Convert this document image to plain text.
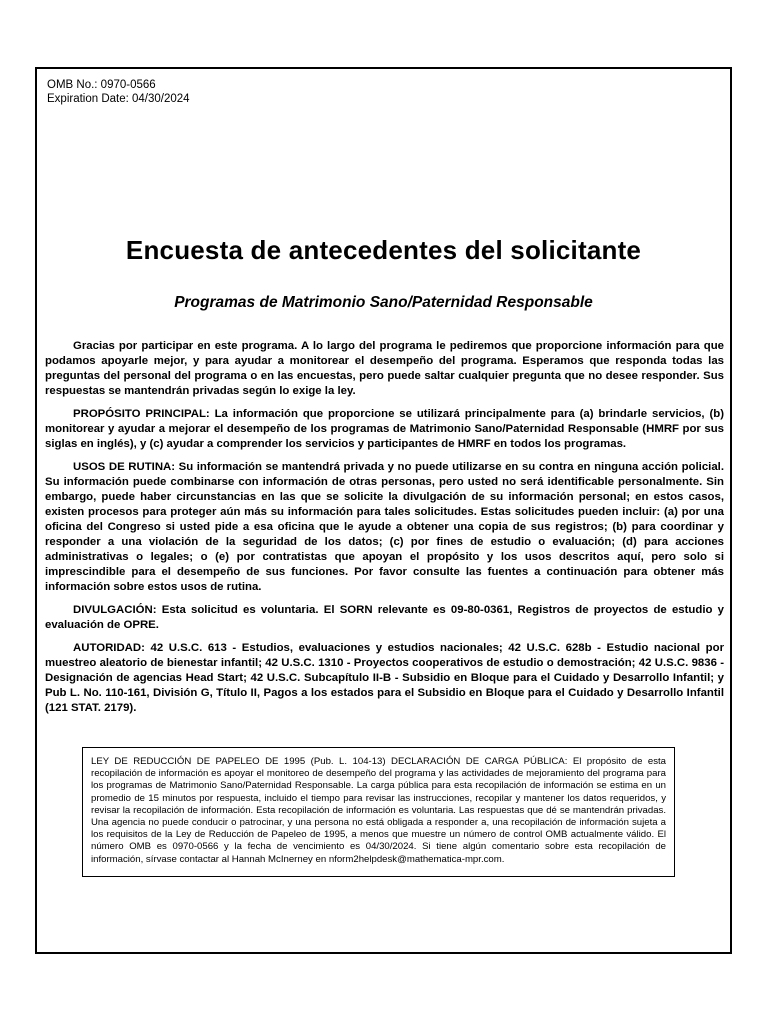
OMB No.: 0970-0566
Expiration Date: 04/30/2024
Encuesta de antecedentes del solicitante
Programas de Matrimonio Sano/Paternidad Responsable

Gracias por participar en este programa. A lo largo del programa le pediremos que proporcione información para que podamos apoyarle mejor, y para ayudar a monitorear el desempeño del programa. Esperamos que responda todas las preguntas del personal del programa o en las encuestas, pero puede saltar cualquier pregunta que no desee responder. Sus respuestas se mantendrán privadas según lo exige la ley.

PROPÓSITO PRINCIPAL: La información que proporcione se utilizará principalmente para (a) brindarle servicios, (b) monitorear y ayudar a mejorar el desempeño de los programas de Matrimonio Sano/Paternidad Responsable (HMRF por sus siglas en inglés), y (c) ayudar a comprender los servicios y participantes de HMRF en todos los programas.

USOS DE RUTINA: Su información se mantendrá privada y no puede utilizarse en su contra en ninguna acción policial. Su información puede combinarse con información de otras personas, pero usted no será identificable personalmente. Sin embargo, puede haber circunstancias en las que se solicite la divulgación de su información personal; en estos casos, existen procesos para proteger aún más su información para tales solicitudes. Estas solicitudes pueden incluir: (a) por una oficina del Congreso si usted pide a esa oficina que le ayude a obtener una copia de sus registros; (b) para coordinar y responder a una violación de la seguridad de los datos; (c) por fines de estudio o evaluación; (d) para acciones administrativas o legales; o (e) por contratistas que apoyan el propósito y los usos descritos aquí, pero solo si imprescindible para el desempeño de sus funciones. Por favor consulte las fuentes a continuación para obtener más información sobre estos usos de rutina.

DIVULGACIÓN: Esta solicitud es voluntaria. El SORN relevante es 09-80-0361, Registros de proyectos de estudio y evaluación de OPRE.

AUTORIDAD: 42 U.S.C. 613 - Estudios, evaluaciones y estudios nacionales; 42 U.S.C. 628b - Estudio nacional por muestreo aleatorio de bienestar infantil; 42 U.S.C. 1310 - Proyectos cooperativos de estudio o demostración; 42 U.S.C. 9836 - Designación de agencias Head Start; 42 U.S.C. Subcapítulo II-B - Subsidio en Bloque para el Cuidado y Desarrollo Infantil; y Pub L. No. 110-161, División G, Título II, Pagos a los estados para el Subsidio en Bloque para el Cuidado y Desarrollo Infantil (121 STAT. 2179).

LEY DE REDUCCIÓN DE PAPELEO DE 1995 (Pub. L. 104-13) DECLARACIÓN DE CARGA PÚBLICA: El propósito de esta recopilación de información es apoyar el monitoreo de desempeño del programa y las actividades de mejoramiento del programa para los programas de Matrimonio Sano/Paternidad Responsable. La carga pública para esta recopilación de información se estima en un promedio de 15 minutos por respuesta, incluido el tiempo para revisar las instrucciones, recopilar y mantener los datos requeridos, y revisar la recopilación de información. Esta recopilación de información es voluntaria. Las respuestas que dé se mantendrán privadas. Una agencia no puede conducir o patrocinar, y una persona no está obligada a responder a, una recopilación de información sujeta a los requisitos de la Ley de Reducción de Papeleo de 1995, a menos que muestre un número de control OMB actualmente válido. El número OMB es 0970-0566 y la fecha de vencimiento es 04/30/2024. Si tiene algún comentario sobre esta recopilación de información, sírvase contactar al Hannah McInerney en nform2helpdesk@mathematica-mpr.com.
